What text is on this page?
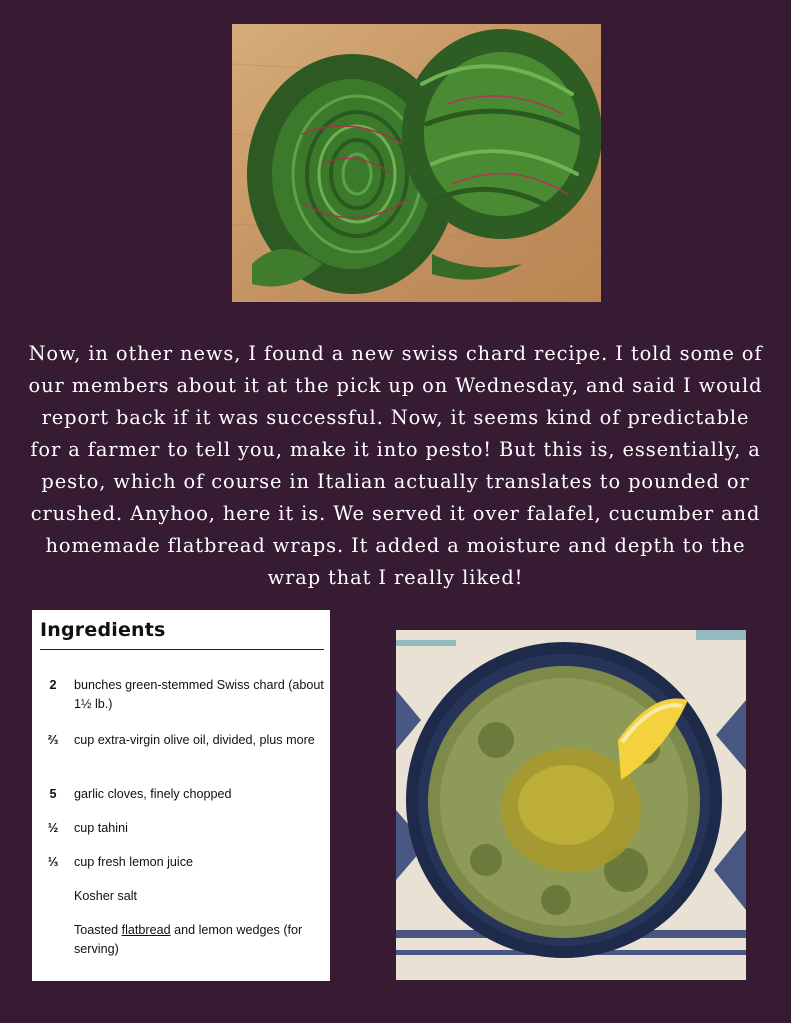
Now, in other news, I found a new swiss chard recipe. I told some of our members about it at the pick up on Wednesday, and said I would report back if it was successful. Now, it seems kind of predictable for a farmer to tell you, make it into pesto! But this is, essentially, a pesto, which of course in Italian actually translates to pounded or crushed. Anyhoo, here it is. We served it over falafel, cucumber and homemade flatbread wraps. It added a moisture and depth to the wrap that I really liked!

Ingredients
2	bunches green-stemmed Swiss chard (about 1½ lb.)
⅔	cup extra-virgin olive oil, divided, plus more
5	garlic cloves, finely chopped
½	cup tahini
⅓	cup fresh lemon juice
Kosher salt
Toasted flatbread and lemon wedges (for serving)
